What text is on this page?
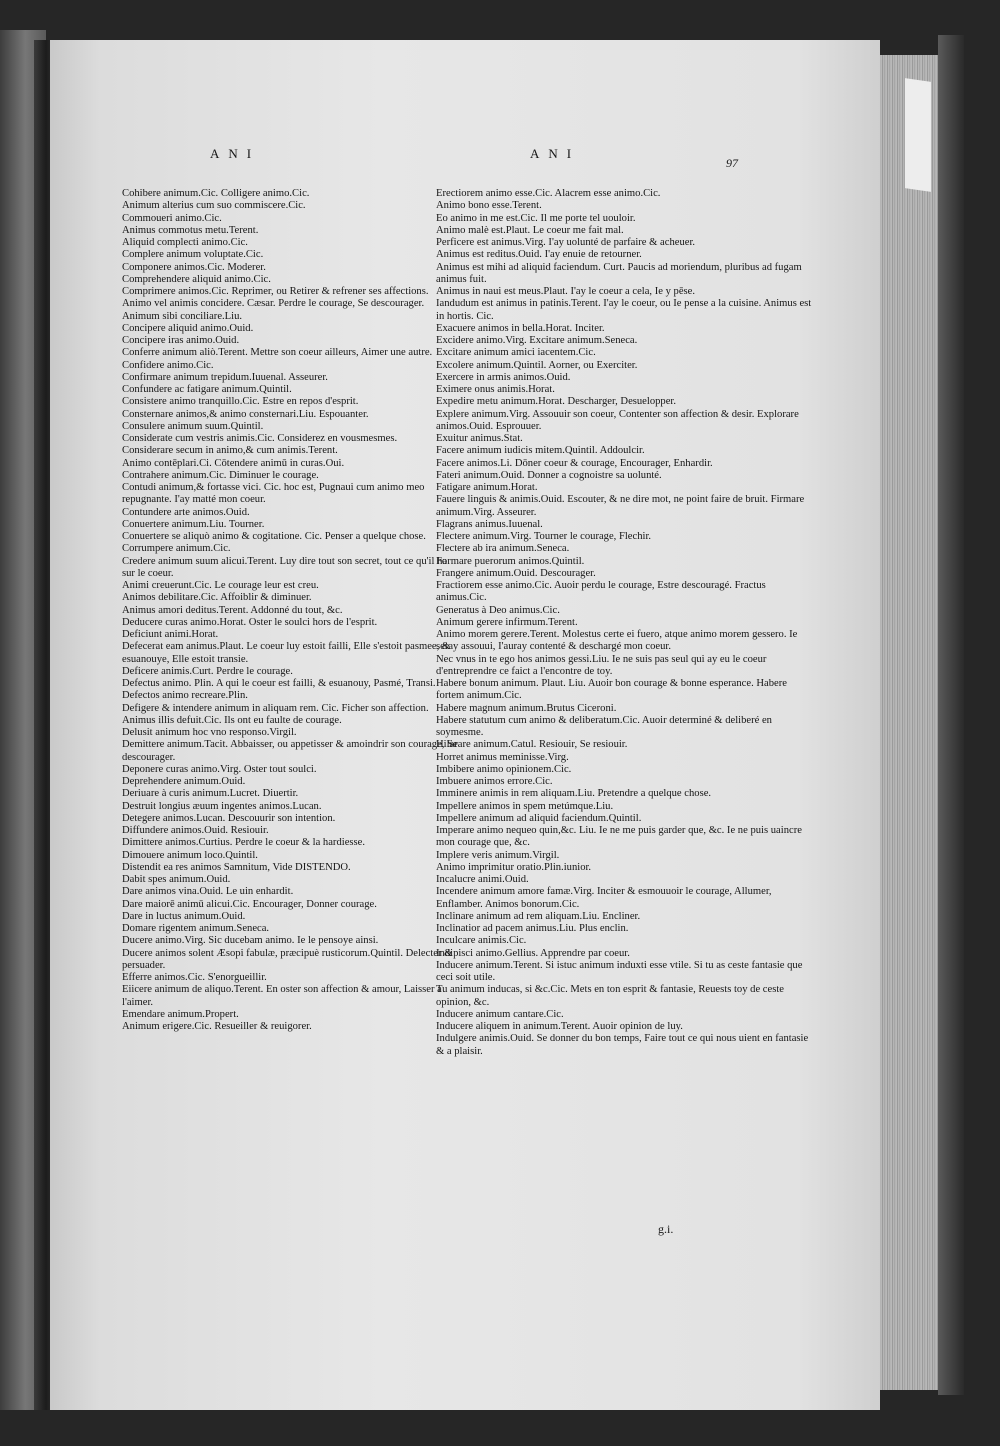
ANI	ANI
97

Cohibere animum.Cic. Colligere animo.Cic.

Animum alterius cum suo commiscere.Cic.

Commoueri animo.Cic.

Animus commotus metu.Terent.

Aliquid complecti animo.Cic.

Complere animum voluptate.Cic.

Componere animos.Cic. Moderer.

Comprehendere aliquid animo.Cic.

Comprimere animos.Cic. Reprimer, ou Retirer & refrener ses affections.

Animo vel animis concidere. Cæsar. Perdre le courage, Se descourager.

Animum sibi conciliare.Liu.

Concipere aliquid animo.Ouid.

Concipere iras animo.Ouid.

Conferre animum aliò.Terent. Mettre son coeur ailleurs, Aimer une autre. Confidere animo.Cic.

Confirmare animum trepidum.Iuuenal. Asseurer.

Confundere ac fatigare animum.Quintil.

Consistere animo tranquillo.Cic. Estre en repos d'esprit.

Consternare animos,& animo consternari.Liu. Espouanter.

Consulere animum suum.Quintil.

Considerate cum vestris animis.Cic. Considerez en vousmesmes.

Considerare secum in animo,& cum animis.Terent.

Animo contēplari.Ci. Cōtendere animū in curas.Oui.

Contrahere animum.Cic. Diminuer le courage.

Contudi animum,& fortasse vici. Cic. hoc est, Pugnaui cum animo meo repugnante. I'ay matté mon coeur.

Contundere arte animos.Ouid.

Conuertere animum.Liu. Tourner.

Conuertere se aliquò animo & cogitatione. Cic. Penser a quelque chose. Corrumpere animum.Cic.

Credere animum suum alicui.Terent. Luy dire tout son secret, tout ce qu'il ha sur le coeur.

Animi creuerunt.Cic. Le courage leur est creu.

Animos debilitare.Cic. Affoiblir & diminuer.

Animus amori deditus.Terent. Addonné du tout, &c.

Deducere curas animo.Horat. Oster le soulci hors de l'esprit.

Deficiunt animi.Horat.

Defecerat eam animus.Plaut. Le coeur luy estoit failli, Elle s'estoit pasmee, & esuanouye, Elle estoit transie.

Deficere animis.Curt. Perdre le courage.

Defectus animo. Plin. A qui le coeur est failli, & esuanouy, Pasmé, Transi.

Defectos animo recreare.Plin.

Defigere & intendere animum in aliquam rem. Cic. Ficher son affection.

Animus illis defuit.Cic. Ils ont eu faulte de courage.

Delusit animum hoc vno responso.Virgil.

Demittere animum.Tacit. Abbaisser, ou appetisser & amoindrir son courage, Se descourager.

Deponere curas animo.Virg. Oster tout soulci.

Deprehendere animum.Ouid.

Deriuare à curis animum.Lucret. Diuertir.

Destruit longius æuum ingentes animos.Lucan.

Detegere animos.Lucan. Descouurir son intention.

Diffundere animos.Ouid. Resiouir.

Dimittere animos.Curtius. Perdre le coeur & la hardiesse.

Dimouere animum loco.Quintil.

Distendit ea res animos Samnitum, Vide DISTENDO.

Dabit spes animum.Ouid.

Dare animos vina.Ouid. Le uin enhardit.

Dare maiorē animū alicui.Cic. Encourager, Donner courage.

Dare in luctus animum.Ouid.

Domare rigentem animum.Seneca.

Ducere animo.Virg. Sic ducebam animo. Ie le pensoye ainsi.

Ducere animos solent Æsopi fabulæ, præcipuè rusticorum.Quintil. Delecter & persuader.

Efferre animos.Cic. S'enorgueillir.

Eiicere animum de aliquo.Terent. En oster son affection & amour, Laisser a l'aimer.

Emendare animum.Propert.

Animum erigere.Cic. Resueiller & reuigorer.

Erectiorem animo esse.Cic. Alacrem esse animo.Cic.

Animo bono esse.Terent.

Eo animo in me est.Cic. Il me porte tel uouloir.

Animo malè est.Plaut. Le coeur me fait mal.

Perficere est animus.Virg. I'ay uolunté de parfaire & acheuer.

Animus est reditus.Ouid. I'ay enuie de retourner.

Animus est mihi ad aliquid faciendum. Curt. Paucis ad moriendum, pluribus ad fugam animus fuit.

Animus in naui est meus.Plaut. I'ay le coeur a cela, Ie y pēse.

Iandudum est animus in patinis.Terent. I'ay le coeur, ou Ie pense a la cuisine. Animus est in hortis. Cic.

Exacuere animos in bella.Horat. Inciter.

Excidere animo.Virg. Excitare animum.Seneca.

Excitare animum amici iacentem.Cic.

Excolere animum.Quintil. Aorner, ou Exerciter.

Exercere in armis animos.Ouid.

Eximere onus animis.Horat.

Expedire metu animum.Horat. Descharger, Desuelopper.

Explere animum.Virg. Assouuir son coeur, Contenter son affection & desir. Explorare animos.Ouid. Esprouuer.

Exuitur animus.Stat.

Facere animum iudicis mitem.Quintil. Addoulcir.

Facere animos.Li. Dōner coeur & courage, Encourager, Enhardir.

Fateri animum.Ouid. Donner a cognoistre sa uolunté.

Fatigare animum.Horat.

Fauere linguis & animis.Ouid. Escouter, & ne dire mot, ne point faire de bruit. Firmare animum.Virg. Asseurer.

Flagrans animus.Iuuenal.

Flectere animum.Virg. Tourner le courage, Flechir.

Flectere ab ira animum.Seneca.

Formare puerorum animos.Quintil.

Frangere animum.Ouid. Descourager.

Fractiorem esse animo.Cic. Auoir perdu le courage, Estre descouragé. Fractus animus.Cic.

Generatus à Deo animus.Cic.

Animum gerere infirmum.Terent.

Animo morem gerere.Terent. Molestus certe ei fuero, atque animo morem gessero. Ie seray assouui, I'auray contenté & deschargé mon coeur.

Nec vnus in te ego hos animos gessi.Liu. Ie ne suis pas seul qui ay eu le coeur d'entreprendre ce faict a l'encontre de toy.

Habere bonum animum. Plaut. Liu. Auoir bon courage & bonne esperance. Habere fortem animum.Cic.

Habere magnum animum.Brutus Ciceroni.

Habere statutum cum animo & deliberatum.Cic. Auoir determiné & deliberé en soymesme.

Hilarare animum.Catul. Resiouir, Se resiouir.

Horret animus meminisse.Virg.

Imbibere animo opinionem.Cic.

Imbuere animos errore.Cic.

Imminere animis in rem aliquam.Liu. Pretendre a quelque chose.

Impellere animos in spem metúmque.Liu.

Impellere animum ad aliquid faciendum.Quintil.

Imperare animo nequeo quin,&c. Liu. Ie ne me puis garder que, &c. Ie ne puis uaincre mon courage que, &c.

Implere veris animum.Virgil.

Animo imprimitur oratio.Plin.iunior.

Incalucre animi.Ouid.

Incendere animum amore famæ.Virg. Inciter & esmouuoir le courage, Allumer, Enflamber. Animos bonorum.Cic.

Inclinare animum ad rem aliquam.Liu. Encliner.

Inclinatior ad pacem animus.Liu. Plus enclin.

Inculcare animis.Cic.

Indipisci animo.Gellius. Apprendre par coeur.

Inducere animum.Terent. Si istuc animum induxti esse vtile. Si tu as ceste fantasie que ceci soit utile.

Tu animum inducas, si &c.Cic. Mets en ton esprit & fantasie, Reuests toy de ceste opinion, &c.

Inducere animum cantare.Cic.

Inducere aliquem in animum.Terent. Auoir opinion de luy.

Indulgere animis.Ouid. Se donner du bon temps, Faire tout ce qui nous uient en fantasie & a plaisir.

g.i.
